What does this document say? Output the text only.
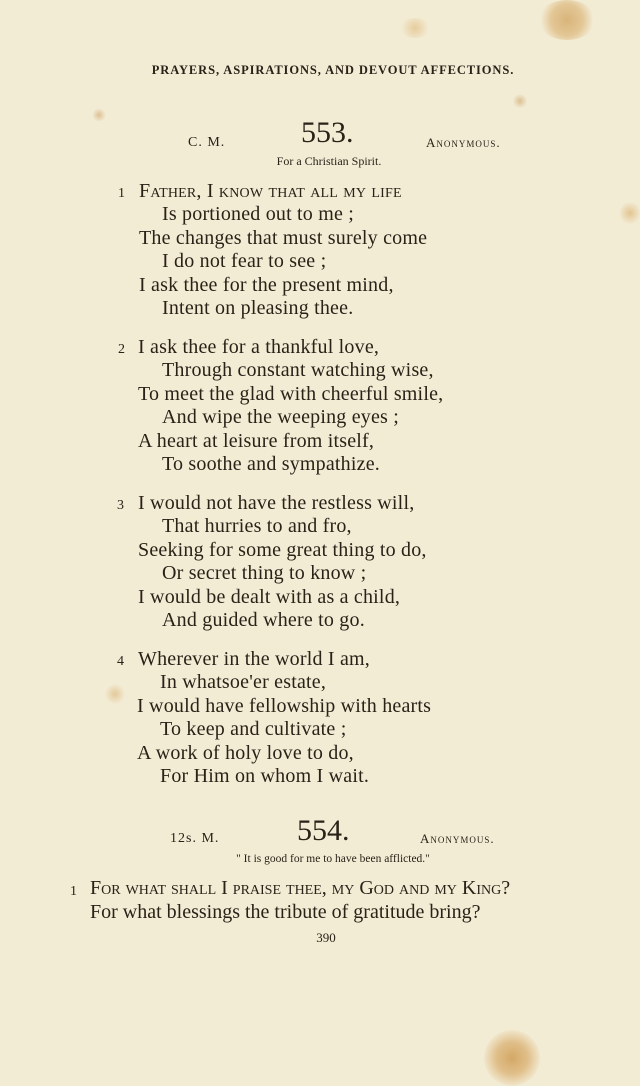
PRAYERS, ASPIRATIONS, AND DEVOUT AFFECTIONS.
C. M.	553.	Anonymous.
For a Christian Spirit.
1 Father, I know that all my life
Is portioned out to me ;
The changes that must surely come
I do not fear to see ;
I ask thee for the present mind,
Intent on pleasing thee.
2 I ask thee for a thankful love,
Through constant watching wise,
To meet the glad with cheerful smile,
And wipe the weeping eyes ;
A heart at leisure from itself,
To soothe and sympathize.
3 I would not have the restless will,
That hurries to and fro,
Seeking for some great thing to do,
Or secret thing to know ;
I would be dealt with as a child,
And guided where to go.
4 Wherever in the world I am,
In whatsoe'er estate,
I would have fellowship with hearts
To keep and cultivate ;
A work of holy love to do,
For Him on whom I wait.
12s. M.	554.	Anonymous.
" It is good for me to have been afflicted."
1 For what shall I praise thee, my God and my King?
For what blessings the tribute of gratitude bring?
390
